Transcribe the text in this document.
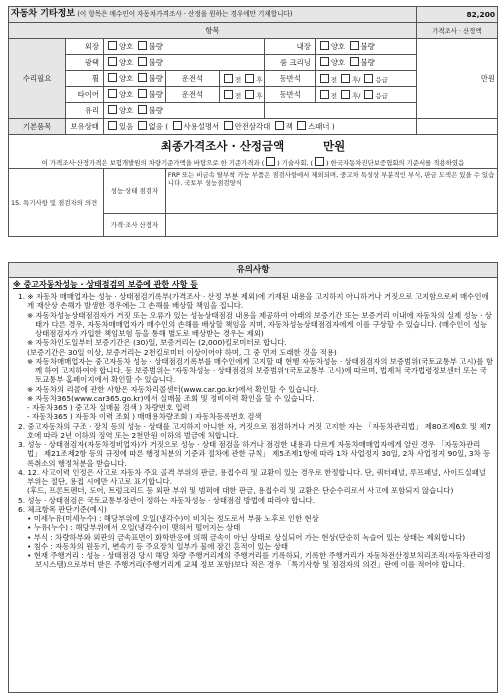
자동차 기타정보 (이 항목은 매수인이 자동차가격조사 · 산정을 원하는 경우에만 기재합니다)							82,200
항목							가격조사 · 산정액
수리필요	외장	양호 불량			내장	양호 불량	만원
	광택	양호 불량			룸 크리닝	양호 불량	
	휠	양호 불량	운전석	전 후	동반석	전 후/ 응급	
	타이어	양호 불량	운전석	전 후	동반석	전 후/ 응급	
	유리	양호 불량					
기본품목	보유상태	있음 없음 ( 사용설명서 안전삼각대 잭 스패너 )					

최종가격조사 · 산정금액 만원
이 가격조사·산정가격은 보험개발원의 차량기준가액을 바탕으로 한 기준가격과 ( ) 기술사회, ( ) 한국자동차진단보증협회의 기준서를 적용하였음							

15. 특기사항 및 점검자의 의견		성능·상태 점검자	FRP 또는 비금속 탈부착 가능 부품은 점검사항에서 제외되며, 중고차 특성상 부분적인 부식, 판금 도색은 있을 수 있습니다. 국토부 성능점검양식				
		가격·조사 산정자					
유의사항

※ 중고자동차성능 · 상태점검의 보증에 관한 사항 등

1. ※ 자동차 매매업자는 성능 · 상태점검기록부(가격조사 · 산정 부분 제외)에 기재된 내용을 고지하지 아니하거나 거짓으로 고지함으로써 매수인에게 재산상 손해가 발생한 경우에는 그 손해를 배상할 책임을 집니다.

※ 자동차성능상태점검자가 거짓 또는 오류가 있는 성능상태점검 내용을 제공하여 아래의 보증기간 또는 보증거리 이내에 자동차의 실제 성능 · 상태가 다른 경우, 자동차매매업자가 매수인의 손해를 배상할 책임을 지며, 자동차성능상태점검자에게 이를 구상할 수 있습니다. (매수인이 성능상태점검자가 가입한 책임보험 등을 통해 별도로 배상받는 경우는 제외)

※ 자동차인도일부터 보증기간은 (30)일, 보증거리는 (2,000)킬로미터로 합니다.

(보증기간은 30일 이상, 보증거리는 2천킬로미터 이상이어야 하며, 그 중 먼저 도래한 것을 적용)

※ 자동차매매업자는 중고자동차 성능 · 상태점검기록부를 매수인에게 고지할 때 현행 자동차성능 · 상태점검자의 보증범위(국토교통부 고시)를 함께 하여 고지하여야 합니다. 동 보증범위는 '자동차성능 · 상태점검의 보증범위'(국토교통부 고시)에 따르며, 법제처 국가법령정보센터 또는 국토교통부 홈페이지에서 확인할 수 있습니다.

※ 자동차의 리콜에 관한 사항은 자동차리콜센터(www.car.go.kr)에서 확인할 수 있습니다.

※ 자동차365(www.car365.go.kr)에서 실매물 조회 및 정비이력 확인을 할 수 있습니다.

- 자동차365 ) 중고차 실매물 검색 ) 차량번호 입력

- 자동차365 ) 자동차 이력 조회 ) 매매용차량조회 ) 자동차등록번호 검색

2. 중고자동차의 구조 · 장치 등의 성능 · 상태를 고지하지 아니한 자, 거짓으로 점검하거나 거짓 고지한 자는 「자동차관리법」 제80조제6호 및 제7호에 따라 2년 이하의 징역 또는 2천만원 이하의 벌금에 처합니다.

3. 성능 · 상태점검자(자동차정비업자)가 거짓으로 성능 · 상태 점검을 하거나 점검한 내용과 다르게 자동차매매업자에게 알린 경우 「자동차관리법」 제21조제2항 등의 규정에 따른 행정처분의 기준과 절차에 관한 규칙」 제5조제1항에 따라 1차 사업정지 30일, 2차 사업정지 90일, 3차 등록취소의 행정처분을 받습니다.

4. 12. 사고이력 인정은 사고로 자동차 주요 골격 부위의 판금, 용접수리 및 교환이 있는 경우로 한정합니다. 단, 쿼터패널, 루프패널, 사이드실패널 부위는 절단, 용접 시에만 사고로 표기합니다.

(후드, 프론트펜더, 도어, 트렁크리드 등 외판 부위 및 범퍼에 대한 판금, 용접수리 및 교환은 단순수리로서 사고에 포함되지 않습니다)

5. 성능 · 상태점검은 국토교통부장관이 정하는 자동차성능 · 상태점검 방법에 따라야 합니다.

6. 체크항목 판단기준(예시)

• 미세누유(미세누수) : 해당부위에 오일(냉각수)이 비치는 정도로서 부품 노후로 인한 현상

• 누유(누수) : 해당부위에서 오일(냉각수)이 맺혀서 떨어지는 상태

• 부식 : 차량하부와 외판의 금속표면이 화학반응에 의해 금속이 아닌 상태로 상실되어 가는 현상(단순히 녹슬어 있는 상태는 제외합니다)

• 침수 : 자동차의 원동기, 변속기 등 주요장치 일부가 물에 잠긴 흔적이 있는 상태

• 현재 주행거리 : 성능 · 상태점검 당시 해당 차량 주행거리계의 주행거리를 기록하되, 기록한 주행거리가 자동차전산정보처리조직(자동차관리정보시스템)으로부터 받은 주행거리(주행거리계 교체 정보 포함)보다 적은 경우 「특기사항 및 점검자의 의견」란에 이를 적어야 합니다.
